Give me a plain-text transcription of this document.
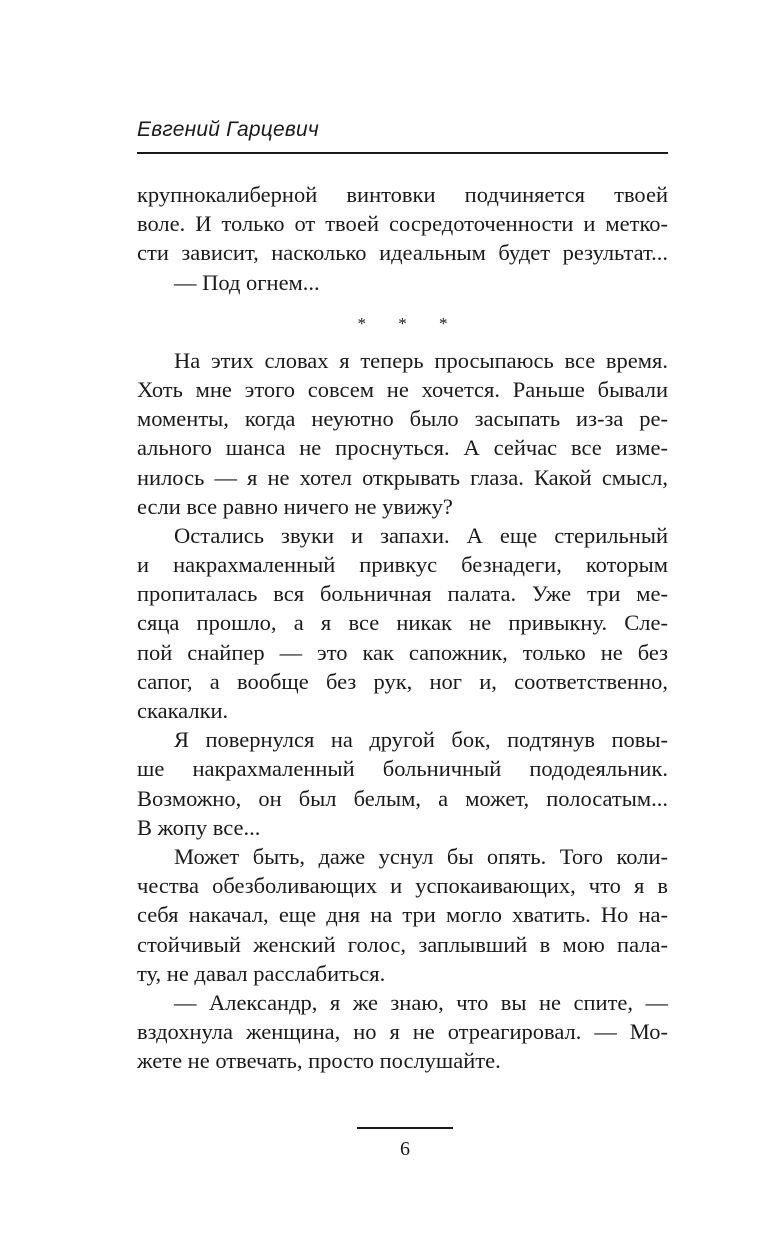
Евгений Гарцевич
крупнокалиберной винтовки подчиняется твоей
воле. И только от твоей сосредоточенности и метко-
сти зависит, насколько идеальным будет результат...
— Под огнем...
* * *
На этих словах я теперь просыпаюсь все время.
Хоть мне этого совсем не хочется. Раньше бывали
моменты, когда неуютно было засыпать из-за ре-
ального шанса не проснуться. А сейчас все изме-
нилось — я не хотел открывать глаза. Какой смысл,
если все равно ничего не увижу?
Остались звуки и запахи. А еще стерильный
и накрахмаленный привкус безнадеги, которым
пропиталась вся больничная палата. Уже три ме-
сяца прошло, а я все никак не привыкну. Сле-
пой снайпер — это как сапожник, только не без
сапог, а вообще без рук, ног и, соответственно,
скакалки.
Я повернулся на другой бок, подтянув повы-
ше накрахмаленный больничный пододеяльник.
Возможно, он был белым, а может, полосатым...
В жопу все...
Может быть, даже уснул бы опять. Того коли-
чества обезболивающих и успокаивающих, что я в
себя накачал, еще дня на три могло хватить. Но на-
стойчивый женский голос, заплывший в мою пала-
ту, не давал расслабиться.
— Александр, я же знаю, что вы не спите, —
вздохнула женщина, но я не отреагировал. — Мо-
жете не отвечать, просто послушайте.
6
